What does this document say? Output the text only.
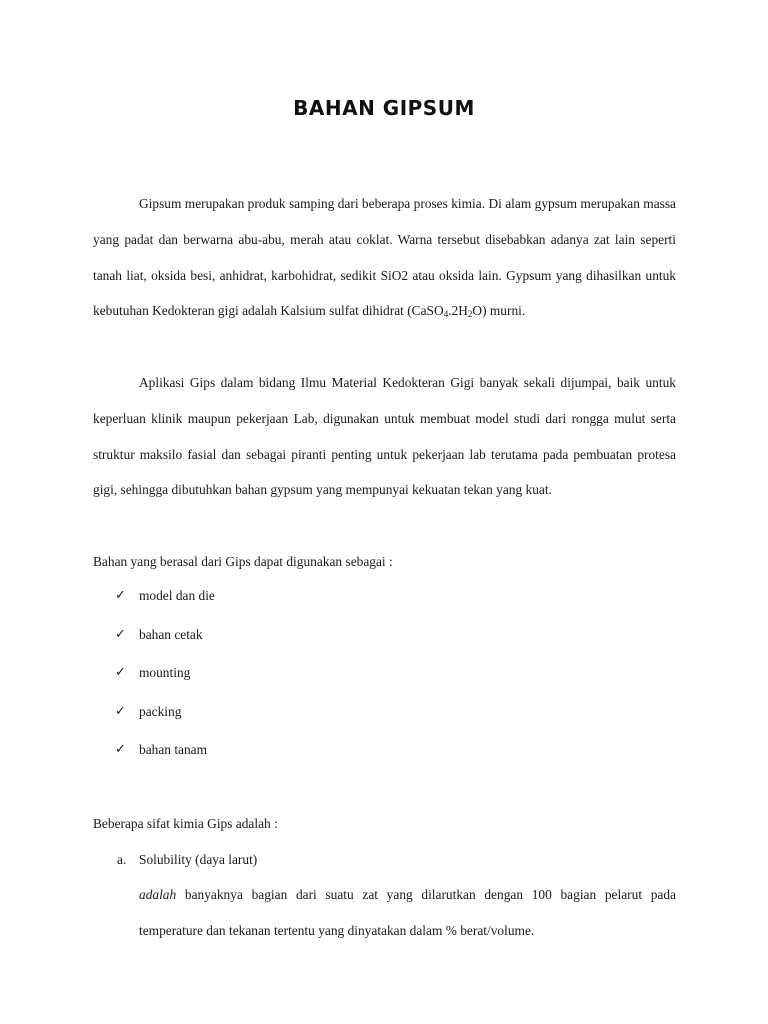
BAHAN GIPSUM

Gipsum merupakan produk samping dari beberapa proses kimia. Di alam gypsum merupakan massa yang padat dan berwarna abu-abu, merah atau coklat. Warna tersebut disebabkan adanya zat lain seperti tanah liat, oksida besi, anhidrat, karbohidrat, sedikit SiO2 atau oksida lain. Gypsum yang dihasilkan untuk kebutuhan Kedokteran gigi adalah Kalsium sulfat dihidrat $(CaSO_4.2H_2O)$ murni.

Aplikasi Gips dalam bidang Ilmu Material Kedokteran Gigi banyak sekali dijumpai, baik untuk keperluan klinik maupun pekerjaan Lab, digunakan untuk membuat model studi dari rongga mulut serta struktur maksilo fasial dan sebagai piranti penting untuk pekerjaan lab terutama pada pembuatan protesa gigi, sehingga dibutuhkan bahan gypsum yang mempunyai kekuatan tekan yang kuat.

Bahan yang berasal dari Gips dapat digunakan sebagai :

✓ model dan die
✓ bahan cetak
✓ mounting
✓ packing
✓ bahan tanam

Beberapa sifat kimia Gips adalah :

a. Solubility (daya larut)

adalah banyaknya bagian dari suatu zat yang dilarutkan dengan 100 bagian pelarut pada temperature dan tekanan tertentu yang dinyatakan dalam % berat/volume.
